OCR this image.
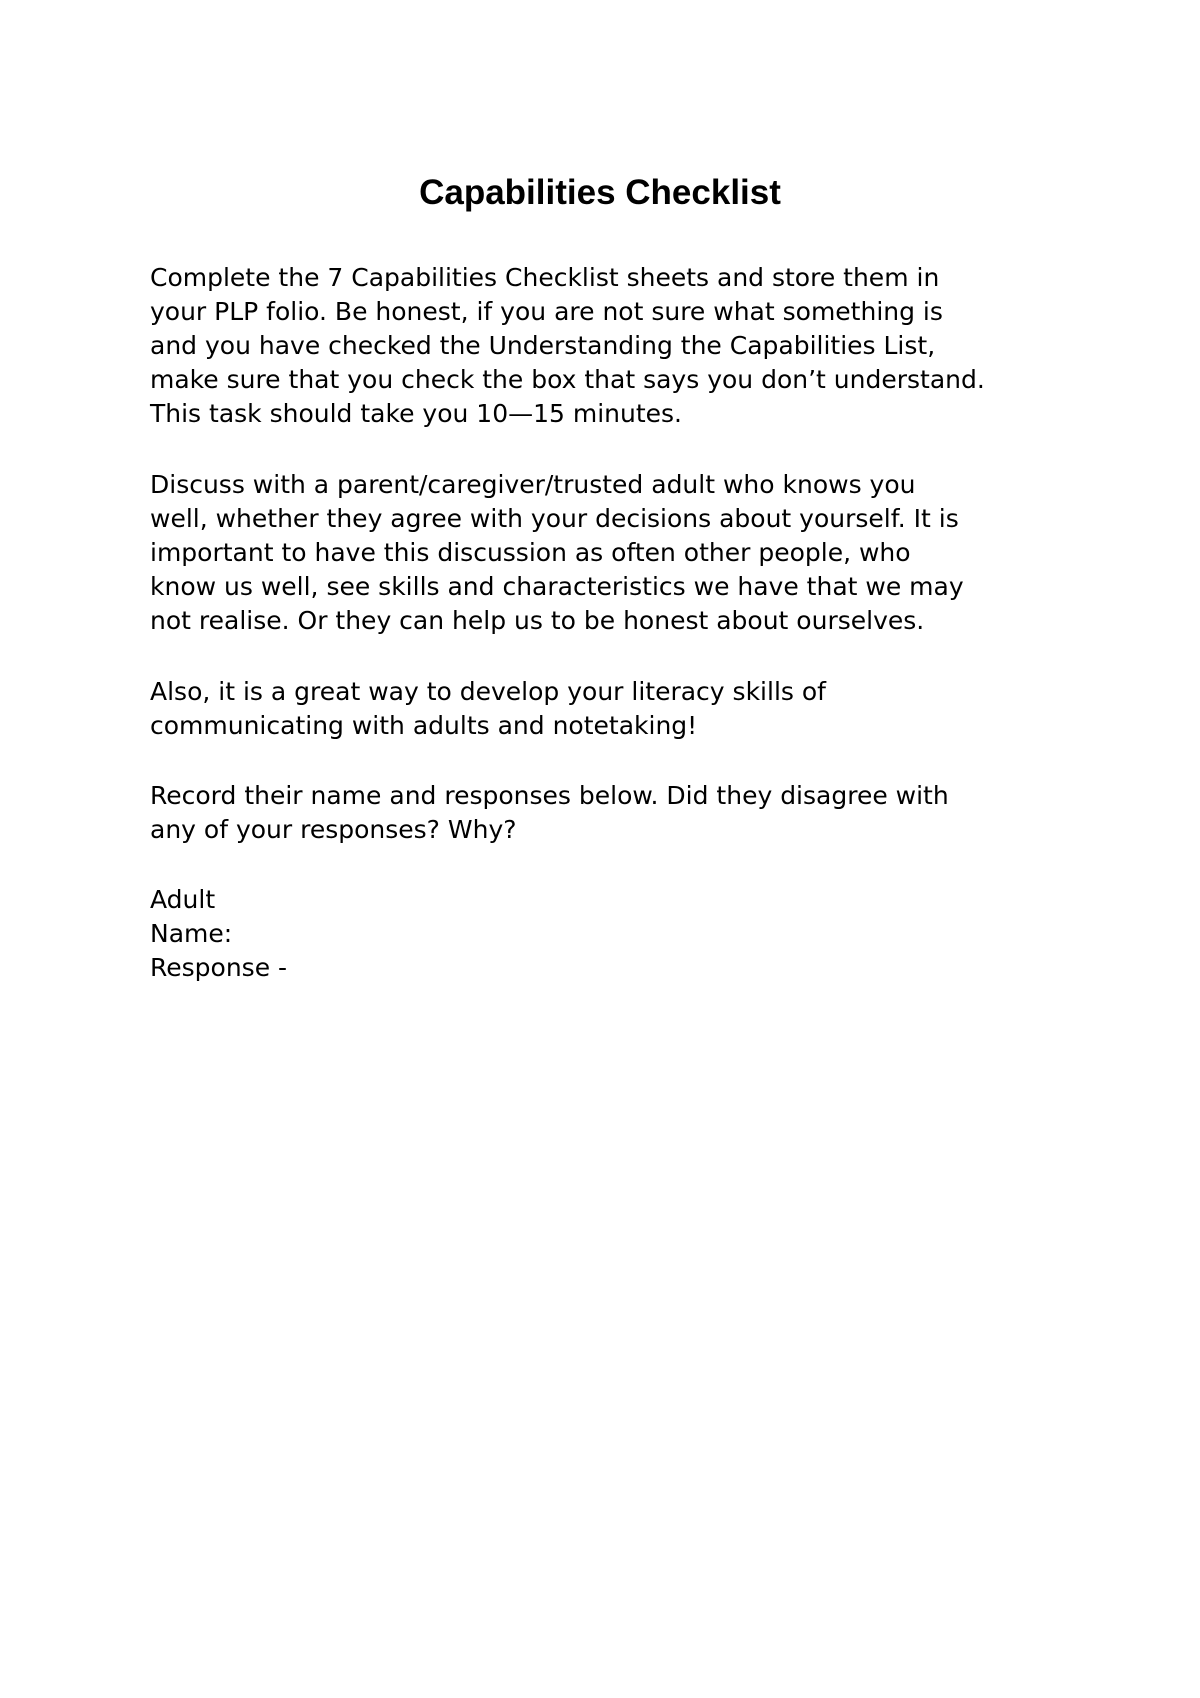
Capabilities Checklist
Complete the 7 Capabilities Checklist sheets and store them in
your PLP folio. Be honest, if you are not sure what something is
and you have checked the Understanding the Capabilities List,
make sure that you check the box that says you don’t understand.
This task should take you 10—15 minutes.
Discuss with a parent/caregiver/trusted adult who knows you
well, whether they agree with your decisions about yourself. It is
important to have this discussion as often other people, who
know us well, see skills and characteristics we have that we may
not realise. Or they can help us to be honest about ourselves.
Also, it is a great way to develop your literacy skills of
communicating with adults and notetaking!
Record their name and responses below. Did they disagree with
any of your responses? Why?
Adult
Name:
Response -
